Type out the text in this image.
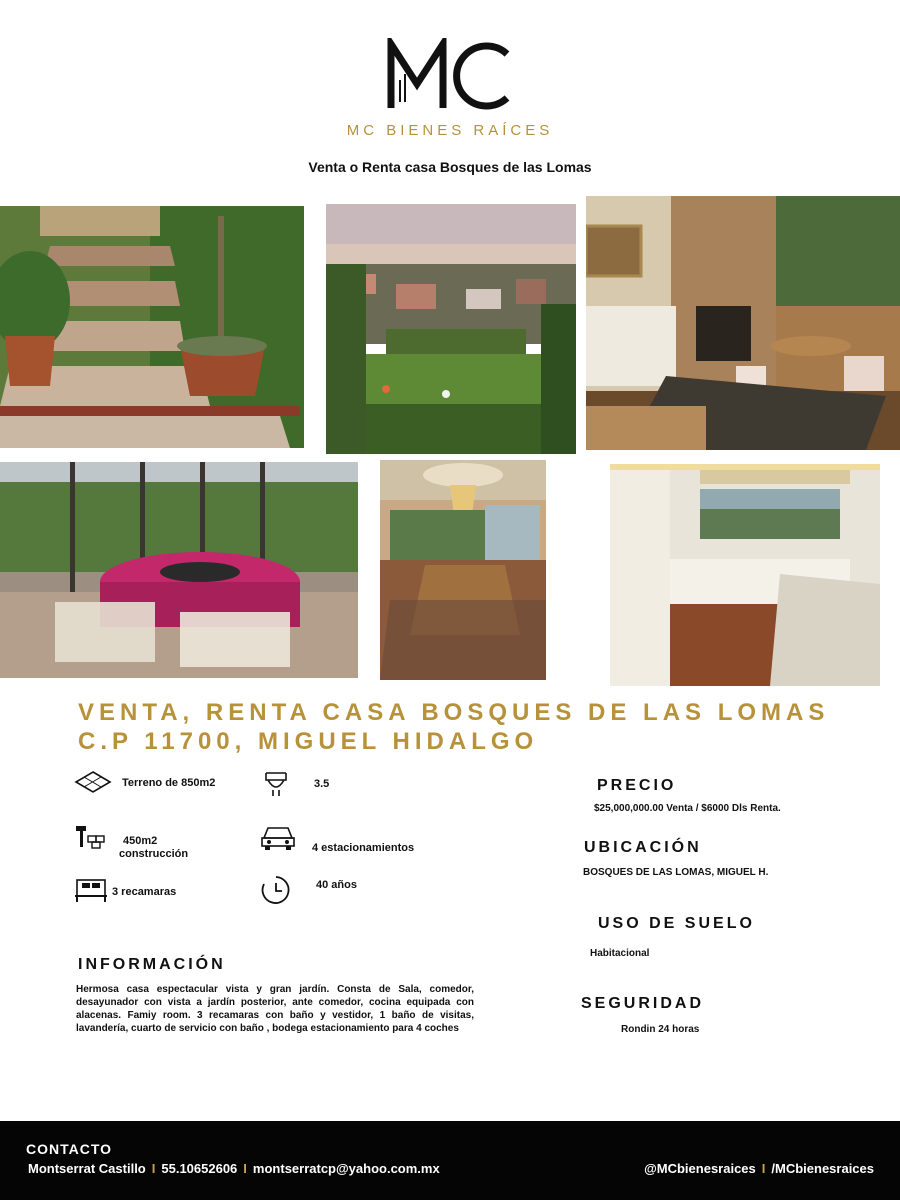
MC BIENES RAÍCES
Venta o Renta casa Bosques de las Lomas
VENTA, RENTA CASA BOSQUES DE LAS LOMAS
C.P 11700, MIGUEL HIDALGO
Terreno de 850m2	3.5
450m2
construcción	4 estacionamientos
3 recamaras
40 años
INFORMACIÓN
Hermosa casa espectacular vista y gran jardín. Consta de Sala, comedor, desayunador con vista a jardín posterior, ante comedor, cocina equipada con alacenas. Famiy room. 3 recamaras con baño y vestidor, 1 baño de visitas, lavandería, cuarto de servicio con baño , bodega estacionamiento para 4 coches
PRECIO
$25,000,000.00 Venta / $6000 Dls Renta.
UBICACIÓN
BOSQUES DE LAS LOMAS, MIGUEL H.
USO DE SUELO
Habitacional
SEGURIDAD
Rondin 24 horas
CONTACTO
Montserrat Castillo I 55.10652606 I montserratcp@yahoo.com.mx	@MCbienesraices I /MCbienesraices
